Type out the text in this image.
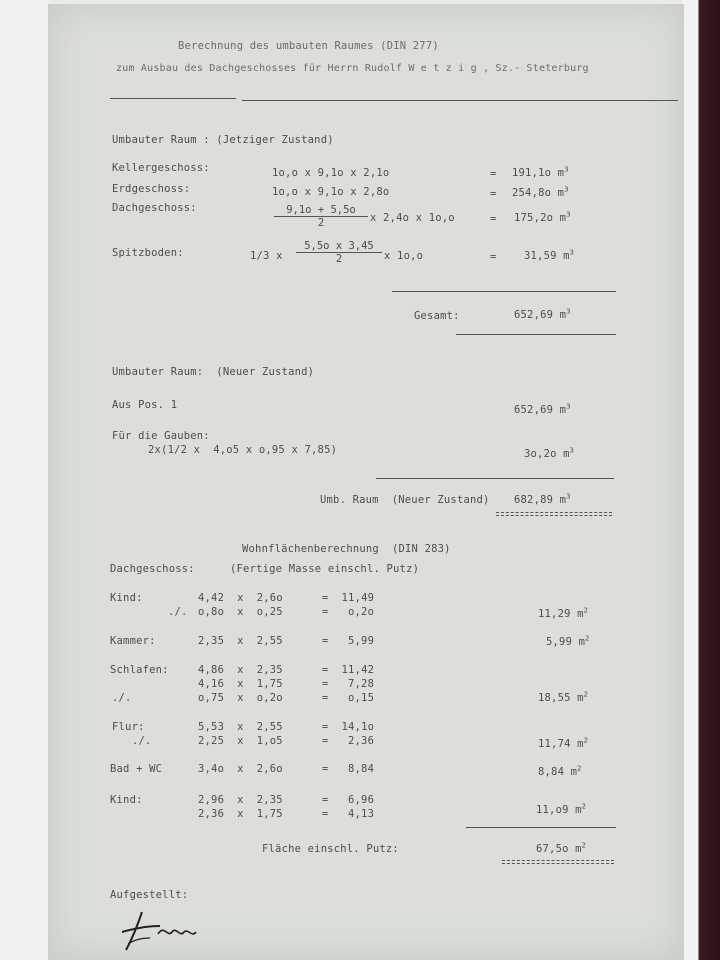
Berechnung des umbauten Raumes (DIN 277)
zum Ausbau des Dachgeschosses für Herrn Rudolf W e t z i g , Sz.- Steterburg
Umbauter Raum : (Jetziger Zustand)
Kellergeschoss:	1o,o x 9,1o x 2,1o	= 191,1o $m^3$
Erdgeschoss:	1o,o x 9,1o x 2,8o	= 254,8o $m^3$
Dachgeschoss:	$\frac{9,1o + 5,5o}{2}$ x 2,4o x 1o,o	= 175,2o $m^3$
Spitzboden:	1/3 x $\frac{\text{5,5o x 3,45}}{2}$ x 1o,o	=	31,59 $m^3$
Gesamt:	652,69 $m^3$
Umbauter Raum:  (Neuer Zustand)
Aus Pos. 1	652,69 $m^3$
Für die Gauben:
2x(1/2 x  4,o5 x o,95 x 7,85)	3o,2o $m^3$
Umb. Raum  (Neuer Zustand) 682,89 $m^3$
Wohnflächenberechnung  (DIN 283)
Dachgeschoss:	(Fertige Masse einschl. Putz)
Kind:	4,42  x  2,6o      =  11,49
./. o,8o  x  o,25      =   o,2o	11,29 $m^2$
Kammer:	2,35  x  2,55      =   5,99	5,99 $m^2$
Schlafen:	4,86  x  2,35      =  11,42
4,16  x  1,75      =   7,28
./.	o,75  x  o,2o      =   o,15	18,55 $m^2$
Flur:	5,53  x  2,55      =  14,1o
./.	2,25  x  1,o5      =   2,36	11,74 $m^2$
Bad + WC	3,4o  x  2,6o      =   8,84	8,84 $m^2$
Kind:	2,96  x  2,35      =   6,96
2,36  x  1,75      =   4,13	11,o9 $m^2$
Fläche einschl. Putz:	67,5o $m^2$
Aufgestellt:
